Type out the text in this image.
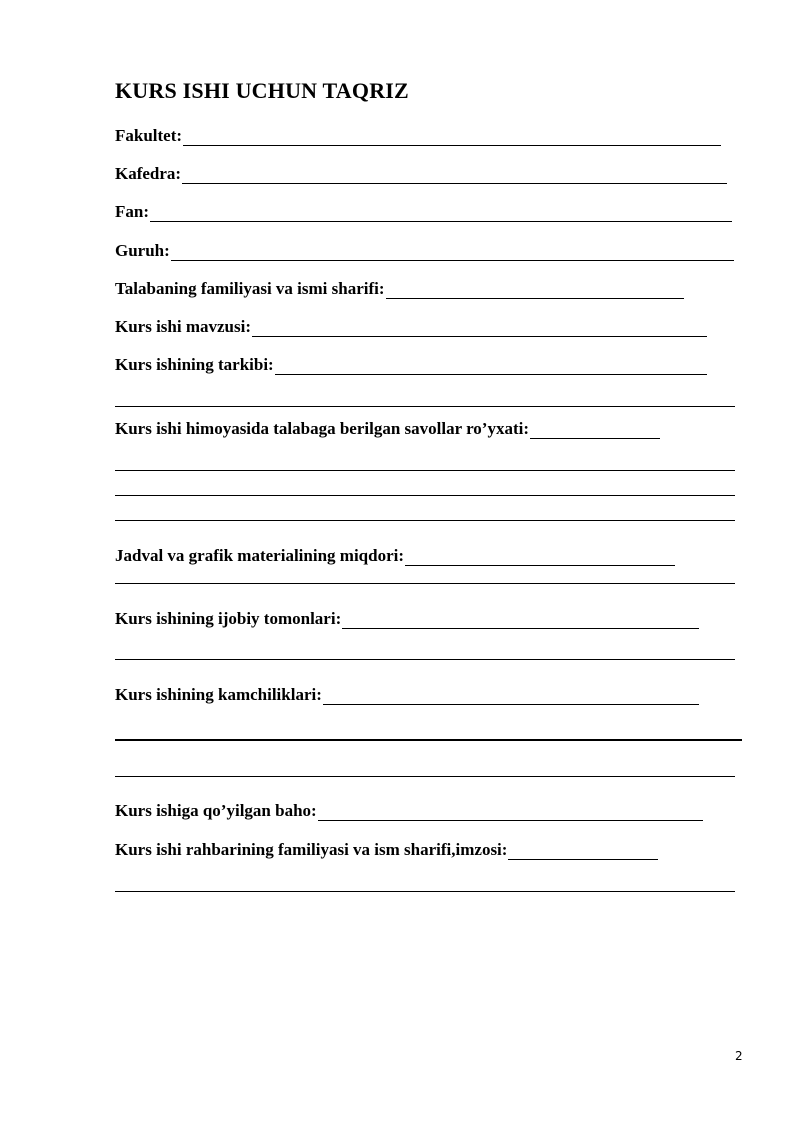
KURS ISHI UCHUN TAQRIZ
Fakultet:
Kafedra:
Fan:
Guruh:
Talabaning familiyasi va ismi sharifi:
Kurs ishi mavzusi:
Kurs ishining tarkibi:
Kurs ishi himoyasida talabaga berilgan savollar ro’yxati:
Jadval va grafik materialining miqdori:
Kurs ishining ijobiy tomonlari:
Kurs ishining kamchiliklari:
Kurs ishiga qo’yilgan baho:
Kurs ishi rahbarining familiyasi va ism sharifi,imzosi:
2
